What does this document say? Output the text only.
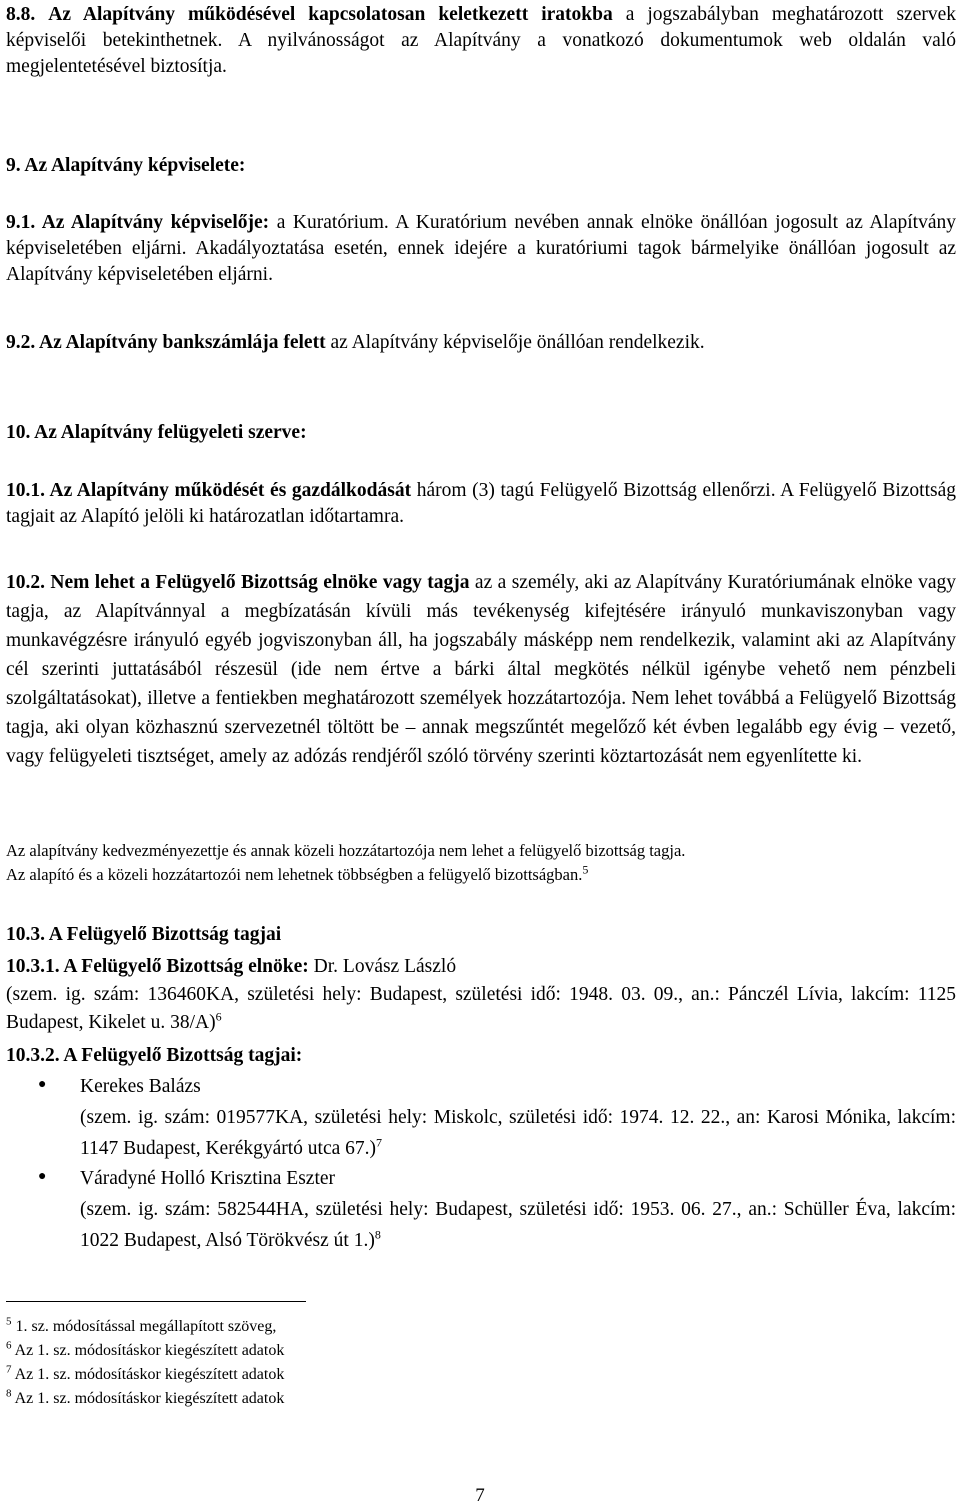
8.8. Az Alapítvány működésével kapcsolatosan keletkezett iratokba a jogszabályban meghatározott szervek képviselői betekinthetnek. A nyilvánosságot az Alapítvány a vonatkozó dokumentumok web oldalán való megjelentetésével biztosítja.
9. Az Alapítvány képviselete:
9.1. Az Alapítvány képviselője: a Kuratórium. A Kuratórium nevében annak elnöke önállóan jogosult az Alapítvány képviseletében eljárni. Akadályoztatása esetén, ennek idejére a kuratóriumi tagok bármelyike önállóan jogosult az Alapítvány képviseletében eljárni.
9.2. Az Alapítvány bankszámlája felett az Alapítvány képviselője önállóan rendelkezik.
10. Az Alapítvány felügyeleti szerve:
10.1. Az Alapítvány működését és gazdálkodását három (3) tagú Felügyelő Bizottság ellenőrzi. A Felügyelő Bizottság tagjait az Alapító jelöli ki határozatlan időtartamra.
10.2. Nem lehet a Felügyelő Bizottság elnöke vagy tagja az a személy, aki az Alapítvány Kuratóriumának elnöke vagy tagja, az Alapítvánnyal a megbízatásán kívüli más tevékenység kifejtésére irányuló munkaviszonyban vagy munkavégzésre irányuló egyéb jogviszonyban áll, ha jogszabály másképp nem rendelkezik, valamint aki az Alapítvány cél szerinti juttatásából részesül (ide nem értve a bárki által megkötés nélkül igénybe vehető nem pénzbeli szolgáltatásokat), illetve a fentiekben meghatározott személyek hozzátartozója. Nem lehet továbbá a Felügyelő Bizottság tagja, aki olyan közhasznú szervezetnél töltött be – annak megszűntét megelőző két évben legalább egy évig – vezető, vagy felügyeleti tisztséget, amely az adózás rendjéről szóló törvény szerinti köztartozását nem egyenlítette ki.
Az alapítvány kedvezményezettje és annak közeli hozzátartozója nem lehet a felügyelő bizottság tagja.
Az alapító és a közeli hozzátartozói nem lehetnek többségben a felügyelő bizottságban.$^5$
10.3. A Felügyelő Bizottság tagjai
10.3.1. A Felügyelő Bizottság elnöke: Dr. Lovász László
(szem. ig. szám: 136460KA, születési hely: Budapest, születési idő: 1948. 03. 09., an.: Pánczél Lívia, lakcím: 1125 Budapest, Kikelet u. 38/A)$^6$
10.3.2. A Felügyelő Bizottság tagjai:
● Kerekes Balázs
(szem. ig. szám: 019577KA, születési hely: Miskolc, születési idő: 1974. 12. 22., an: Karosi Mónika, lakcím: 1147 Budapest, Kerékgyártó utca 67.)$^7$
● Váradyné Holló Krisztina Eszter
(szem. ig. szám: 582544HA, születési hely: Budapest, születési idő: 1953. 06. 27., an.: Schüller Éva, lakcím: 1022 Budapest, Alsó Törökvész út 1.)$^8$
$^5$ 1. sz. módosítással megállapított szöveg,
$^6$ Az 1. sz. módosításkor kiegészített adatok
$^7$ Az 1. sz. módosításkor kiegészített adatok
$^8$ Az 1. sz. módosításkor kiegészített adatok
7
